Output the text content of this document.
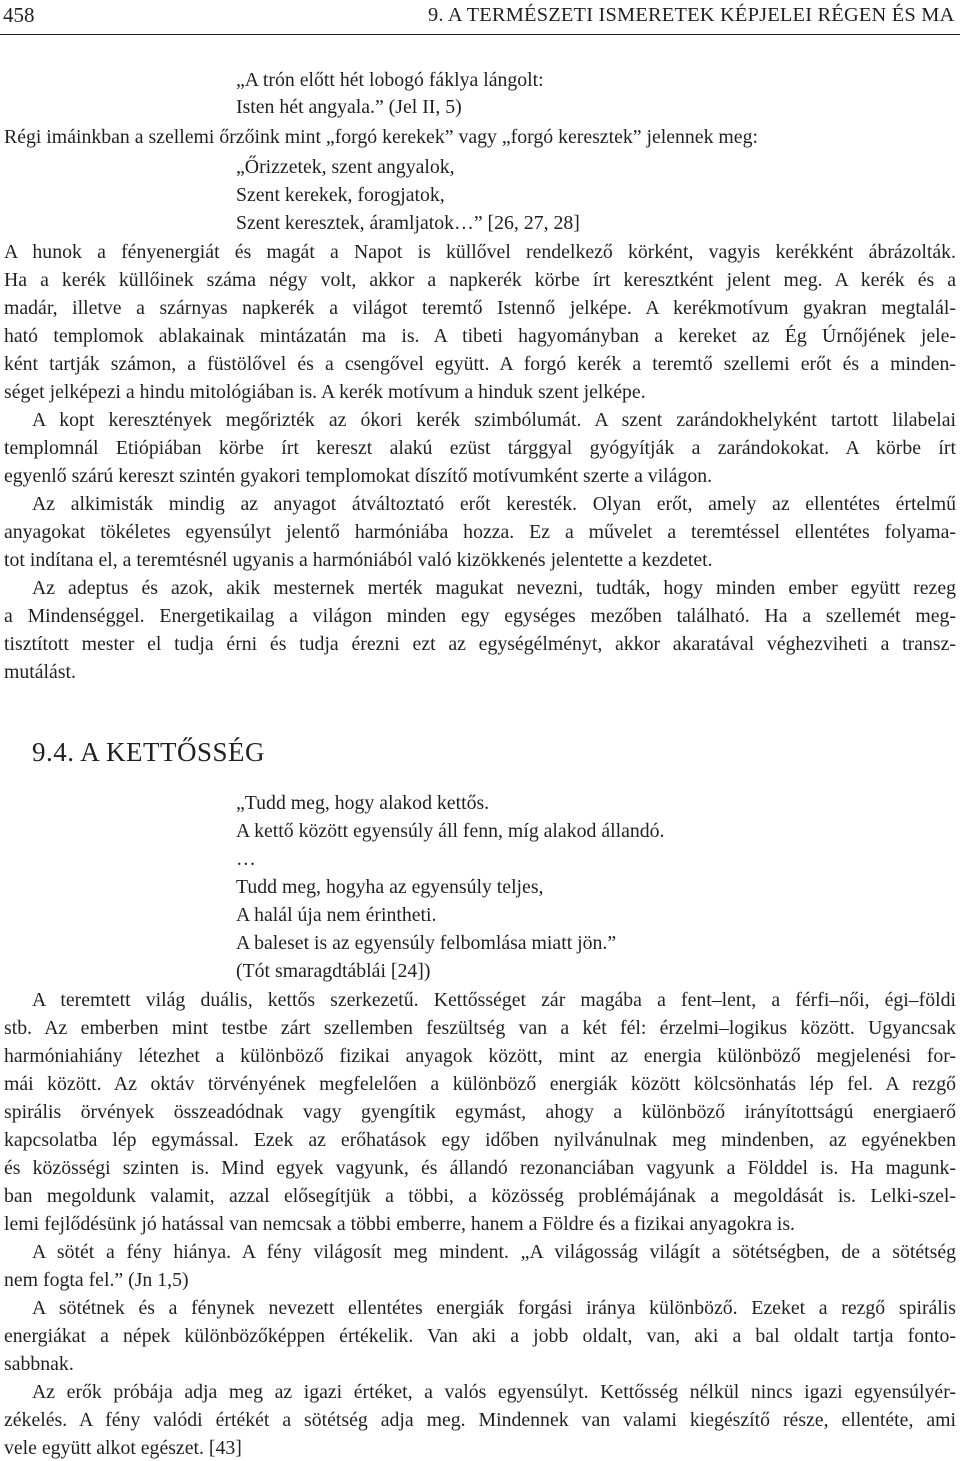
458	9. A TERMÉSZETI ISMERETEK KÉPJELEI RÉGEN ÉS MA
„A trón előtt hét lobogó fáklya lángolt:
Isten hét angyala.” (Jel II, 5)
Régi imáinkban a szellemi őrzőink mint „forgó kerekek” vagy „forgó keresztek” jelennek meg:
„Őrizzetek, szent angyalok,
Szent kerekek, forogjatok,
Szent keresztek, áramljatok…” [26, 27, 28]
A hunok a fényenergiát és magát a Napot is küllővel rendelkező körként, vagyis kerékként ábrázolták.
Ha a kerék küllőinek száma négy volt, akkor a napkerék körbe írt keresztként jelent meg. A kerék és a
madár, illetve a szárnyas napkerék a világot teremtő Istennő jelképe. A kerékmotívum gyakran megtalál-
ható templomok ablakainak mintázatán ma is. A tibeti hagyományban a kereket az Ég Úrnőjének jele-
ként tartják számon, a füstölővel és a csengővel együtt. A forgó kerék a teremtő szellemi erőt és a minden-
séget jelképezi a hindu mitológiában is. A kerék motívum a hinduk szent jelképe.
A kopt keresztények megőrizték az ókori kerék szimbólumát. A szent zarándokhelyként tartott lilabelai
templomnál Etiópiában körbe írt kereszt alakú ezüst tárggyal gyógyítják a zarándokokat. A körbe írt
egyenlő szárú kereszt szintén gyakori templomokat díszítő motívumként szerte a világon.
Az alkimisták mindig az anyagot átváltoztató erőt keresték. Olyan erőt, amely az ellentétes értelmű
anyagokat tökéletes egyensúlyt jelentő harmóniába hozza. Ez a művelet a teremtéssel ellentétes folyama-
tot indítana el, a teremtésnél ugyanis a harmóniából való kizökkenés jelentette a kezdetet.
Az adeptus és azok, akik mesternek merték magukat nevezni, tudták, hogy minden ember együtt rezeg
a Mindenséggel. Energetikailag a világon minden egy egységes mezőben található. Ha a szellemét meg-
tisztított mester el tudja érni és tudja érezni ezt az egységélményt, akkor akaratával véghezviheti a transz-
mutálást.
9.4. A KETTŐSSÉG
„Tudd meg, hogy alakod kettős.
A kettő között egyensúly áll fenn, míg alakod állandó.
…
Tudd meg, hogyha az egyensúly teljes,
A halál úja nem érintheti.
A baleset is az egyensúly felbomlása miatt jön.”
(Tót smaragdtáblái [24])
A teremtett világ duális, kettős szerkezetű. Kettősséget zár magába a fent–lent, a férfi–női, égi–földi
stb. Az emberben mint testbe zárt szellemben feszültség van a két fél: érzelmi–logikus között. Ugyancsak
harmóniahiány létezhet a különböző fizikai anyagok között, mint az energia különböző megjelenési for-
mái között. Az oktáv törvényének megfelelően a különböző energiák között kölcsönhatás lép fel. A rezgő
spirális örvények összeadódnak vagy gyengítik egymást, ahogy a különböző irányítottságú energiaerő
kapcsolatba lép egymással. Ezek az erőhatások egy időben nyilvánulnak meg mindenben, az egyénekben
és közösségi szinten is. Mind egyek vagyunk, és állandó rezonanciában vagyunk a Földdel is. Ha magunk-
ban megoldunk valamit, azzal elősegítjük a többi, a közösség problémájának a megoldását is. Lelki-szel-
lemi fejlődésünk jó hatással van nemcsak a többi emberre, hanem a Földre és a fizikai anyagokra is.
A sötét a fény hiánya. A fény világosít meg mindent. „A világosság világít a sötétségben, de a sötétség
nem fogta fel.” (Jn 1,5)
A sötétnek és a fénynek nevezett ellentétes energiák forgási iránya különböző. Ezeket a rezgő spirális
energiákat a népek különbözőképpen értékelik. Van aki a jobb oldalt, van, aki a bal oldalt tartja fonto-
sabbnak.
Az erők próbája adja meg az igazi értéket, a valós egyensúlyt. Kettősség nélkül nincs igazi egyensúlyér-
zékelés. A fény valódi értékét a sötétség adja meg. Mindennek van valami kiegészítő része, ellentéte, ami
vele együtt alkot egészet. [43]
